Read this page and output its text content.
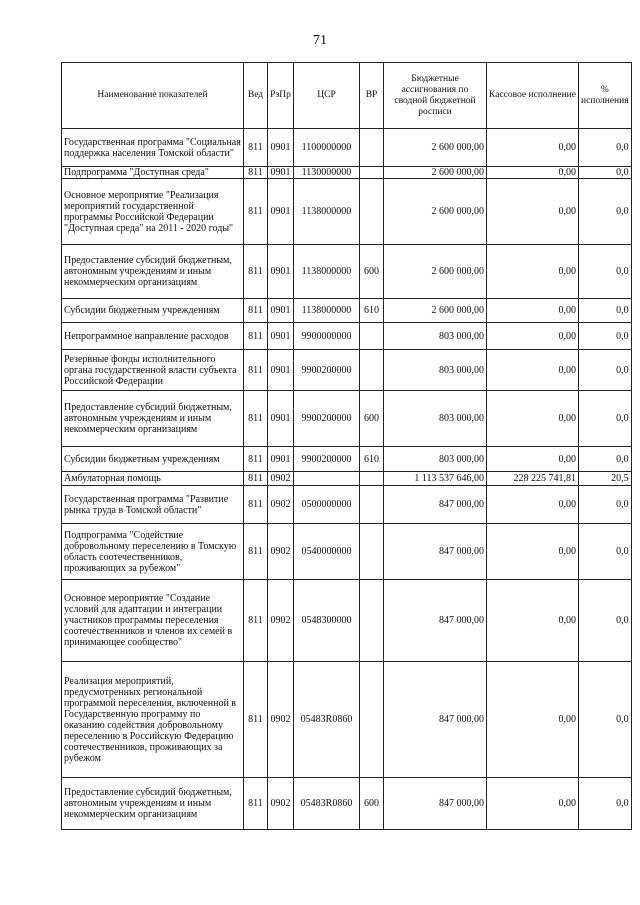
71
Наименование показателей	Вед	РзПр	ЦСР	ВР	Бюджетные ассигнования по сводной бюджетной росписи	Кассовое исполнение	% исполнения
Государственная программа "Социальная поддержка населения Томской области"	811	0901	1100000000		2 600 000,00	0,00	0,0
Подпрограмма "Доступная среда"	811	0901	1130000000		2 600 000,00	0,00	0,0
Основное мероприятие "Реализация мероприятий государственной программы Российской Федерации "Доступная среда" на 2011 - 2020 годы"	811	0901	1138000000		2 600 000,00	0,00	0,0
Предоставление субсидий бюджетным, автономным учреждениям и иным некоммерческим организациям	811	0901	1138000000	600	2 600 000,00	0,00	0,0
Субсидии бюджетным учреждениям	811	0901	1138000000	610	2 600 000,00	0,00	0,0
Непрограммное направление расходов	811	0901	9900000000		803 000,00	0,00	0,0
Резервные фонды исполнительного органа государственной власти субъекта Российской Федерации	811	0901	9900200000		803 000,00	0,00	0,0
Предоставление субсидий бюджетным, автономным учреждениям и иным некоммерческим организациям	811	0901	9900200000	600	803 000,00	0,00	0,0
Субсидии бюджетным учреждениям	811	0901	9900200000	610	803 000,00	0,00	0,0
Амбулаторная помощь	811	0902			1 113 537 646,00	228 225 741,81	20,5
Государственная программа "Развитие рынка труда в Томской области"	811	0902	0500000000		847 000,00	0,00	0,0
Подпрограмма "Содействие добровольному переселению в Томскую область соотечественников, проживающих за рубежом"	811	0902	0540000000		847 000,00	0,00	0,0
Основное мероприятие "Создание условий для адаптации и интеграции участников программы переселения соотечественников и членов их семей в принимающее сообщество"	811	0902	0548300000		847 000,00	0,00	0,0
Реализация мероприятий, предусмотренных региональной программой переселения, включенной в Государственную программу по оказанию содействия добровольному переселению в Российскую Федерацию соотечественников, проживающих за рубежом	811	0902	05483R0860		847 000,00	0,00	0,0
Предоставление субсидий бюджетным, автономным учреждениям и иным некоммерческим организациям	811	0902	05483R0860	600	847 000,00	0,00	0,0
